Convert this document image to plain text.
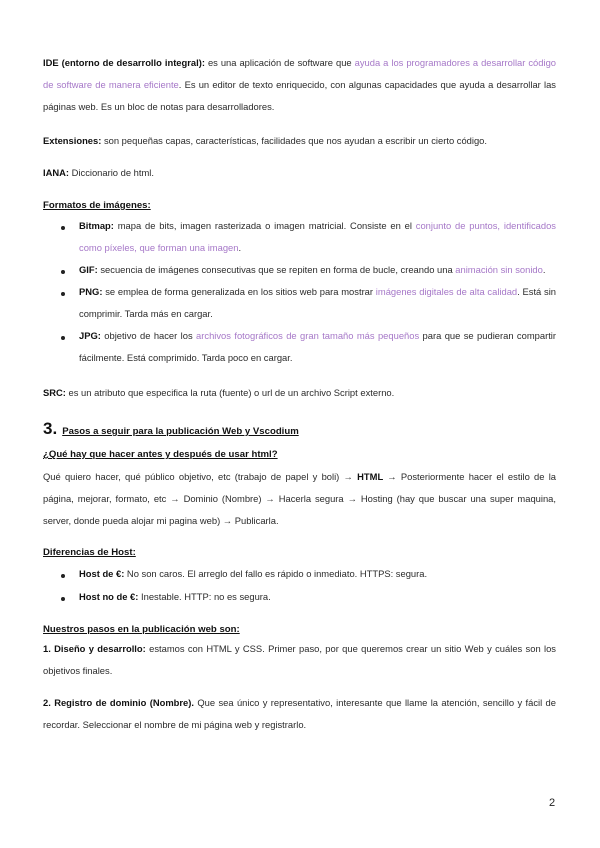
IDE (entorno de desarrollo integral): es una aplicación de software que ayuda a los programadores a desarrollar código de software de manera eficiente. Es un editor de texto enriquecido, con algunas capacidades que ayuda a desarrollar las páginas web. Es un bloc de notas para desarrolladores.

Extensiones: son pequeñas capas, características, facilidades que nos ayudan a escribir un cierto código.

IANA: Diccionario de html.

Formatos de imágenes:

Bitmap: mapa de bits, imagen rasterizada o imagen matricial. Consiste en el conjunto de puntos, identificados como píxeles, que forman una imagen.

GIF: secuencia de imágenes consecutivas que se repiten en forma de bucle, creando una animación sin sonido.

PNG: se emplea de forma generalizada en los sitios web para mostrar imágenes digitales de alta calidad. Está sin comprimir. Tarda más en cargar.

JPG: objetivo de hacer los archivos fotográficos de gran tamaño más pequeños para que se pudieran compartir fácilmente. Está comprimido. Tarda poco en cargar.

SRC: es un atributo que especifica la ruta (fuente) o url de un archivo Script externo.

3. Pasos a seguir para la publicación Web y Vscodium

¿Qué hay que hacer antes y después de usar html?

Qué quiero hacer, qué público objetivo, etc (trabajo de papel y boli) → HTML → Posteriormente hacer el estilo de la página, mejorar, formato, etc → Dominio (Nombre) → Hacerla segura → Hosting (hay que buscar una super maquina, server, donde pueda alojar mi pagina web) → Publicarla.

Diferencias de Host:

Host de €: No son caros. El arreglo del fallo es rápido o inmediato. HTTPS: segura.

Host no de €: Inestable. HTTP: no es segura.

Nuestros pasos en la publicación web son:

1. Diseño y desarrollo: estamos con HTML y CSS. Primer paso, por que queremos crear un sitio Web y cuáles son los objetivos finales.

2. Registro de dominio (Nombre). Que sea único y representativo, interesante que llame la atención, sencillo y fácil de recordar. Seleccionar el nombre de mi página web y registrarlo.

2
